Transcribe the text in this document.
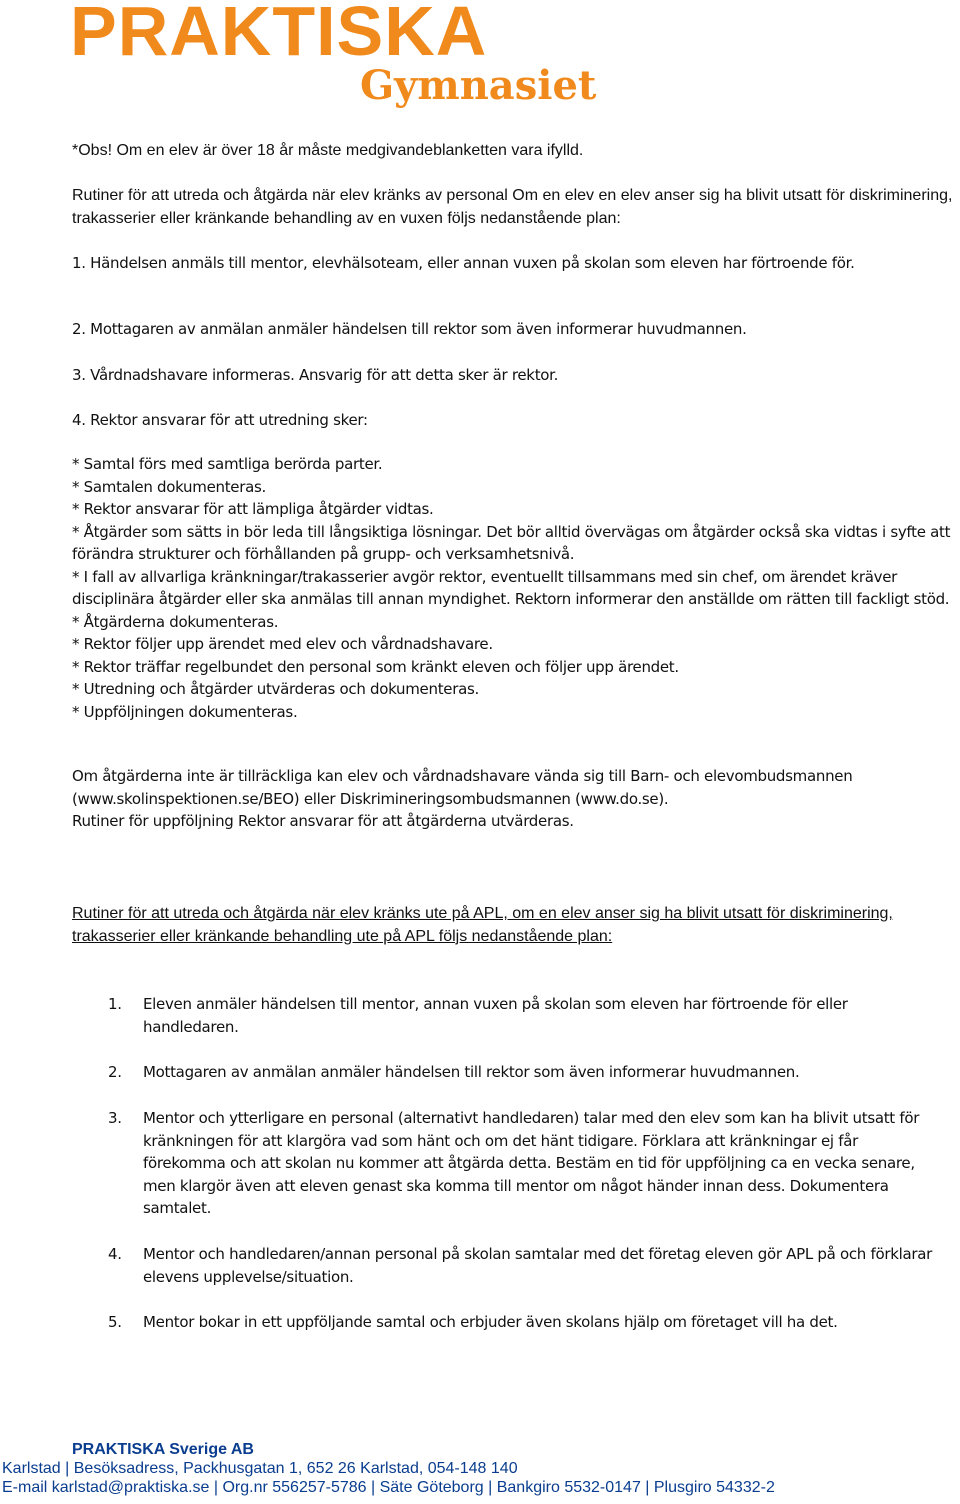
PRAKTISKA
Gymnasiet

*Obs! Om en elev är över 18 år måste medgivandeblanketten vara ifylld.

Rutiner för att utreda och åtgärda när elev kränks av personal Om en elev en elev anser sig ha blivit utsatt för diskriminering, trakasserier eller kränkande behandling av en vuxen följs nedanstående plan:

1. Händelsen anmäls till mentor, elevhälsoteam, eller annan vuxen på skolan som eleven har förtroende för.

2. Mottagaren av anmälan anmäler händelsen till rektor som även informerar huvudmannen.

3. Vårdnadshavare informeras. Ansvarig för att detta sker är rektor.

4. Rektor ansvarar för att utredning sker:

* Samtal förs med samtliga berörda parter.

* Samtalen dokumenteras.

* Rektor ansvarar för att lämpliga åtgärder vidtas.

* Åtgärder som sätts in bör leda till långsiktiga lösningar. Det bör alltid övervägas om åtgärder också ska vidtas i syfte att förändra strukturer och förhållanden på grupp- och verksamhetsnivå.

* I fall av allvarliga kränkningar/trakasserier avgör rektor, eventuellt tillsammans med sin chef, om ärendet kräver disciplinära åtgärder eller ska anmälas till annan myndighet. Rektorn informerar den anställde om rätten till fackligt stöd.

* Åtgärderna dokumenteras.

* Rektor följer upp ärendet med elev och vårdnadshavare.

* Rektor träffar regelbundet den personal som kränkt eleven och följer upp ärendet.

* Utredning och åtgärder utvärderas och dokumenteras.

* Uppföljningen dokumenteras.

Om åtgärderna inte är tillräckliga kan elev och vårdnadshavare vända sig till Barn- och elevombudsmannen (www.skolinspektionen.se/BEO) eller Diskrimineringsombudsmannen (www.do.se).

Rutiner för uppföljning Rektor ansvarar för att åtgärderna utvärderas.

Rutiner för att utreda och åtgärda när elev kränks ute på APL, om en elev anser sig ha blivit utsatt för diskriminering, trakasserier eller kränkande behandling ute på APL följs nedanstående plan:

1. Eleven anmäler händelsen till mentor, annan vuxen på skolan som eleven har förtroende för eller handledaren.
2. Mottagaren av anmälan anmäler händelsen till rektor som även informerar huvudmannen.
3. Mentor och ytterligare en personal (alternativt handledaren) talar med den elev som kan ha blivit utsatt för kränkningen för att klargöra vad som hänt och om det hänt tidigare. Förklara att kränkningar ej får förekomma och att skolan nu kommer att åtgärda detta. Bestäm en tid för uppföljning ca en vecka senare, men klargör även att eleven genast ska komma till mentor om något händer innan dess. Dokumentera samtalet.
4. Mentor och handledaren/annan personal på skolan samtalar med det företag eleven gör APL på och förklarar elevens upplevelse/situation.
5. Mentor bokar in ett uppföljande samtal och erbjuder även skolans hjälp om företaget vill ha det.
PRAKTISKA Sverige AB
Karlstad | Besöksadress, Packhusgatan 1, 652 26 Karlstad, 054-148 140
E-mail karlstad@praktiska.se | Org.nr 556257-5786 | Säte Göteborg | Bankgiro 5532-0147 | Plusgiro 54332-2
